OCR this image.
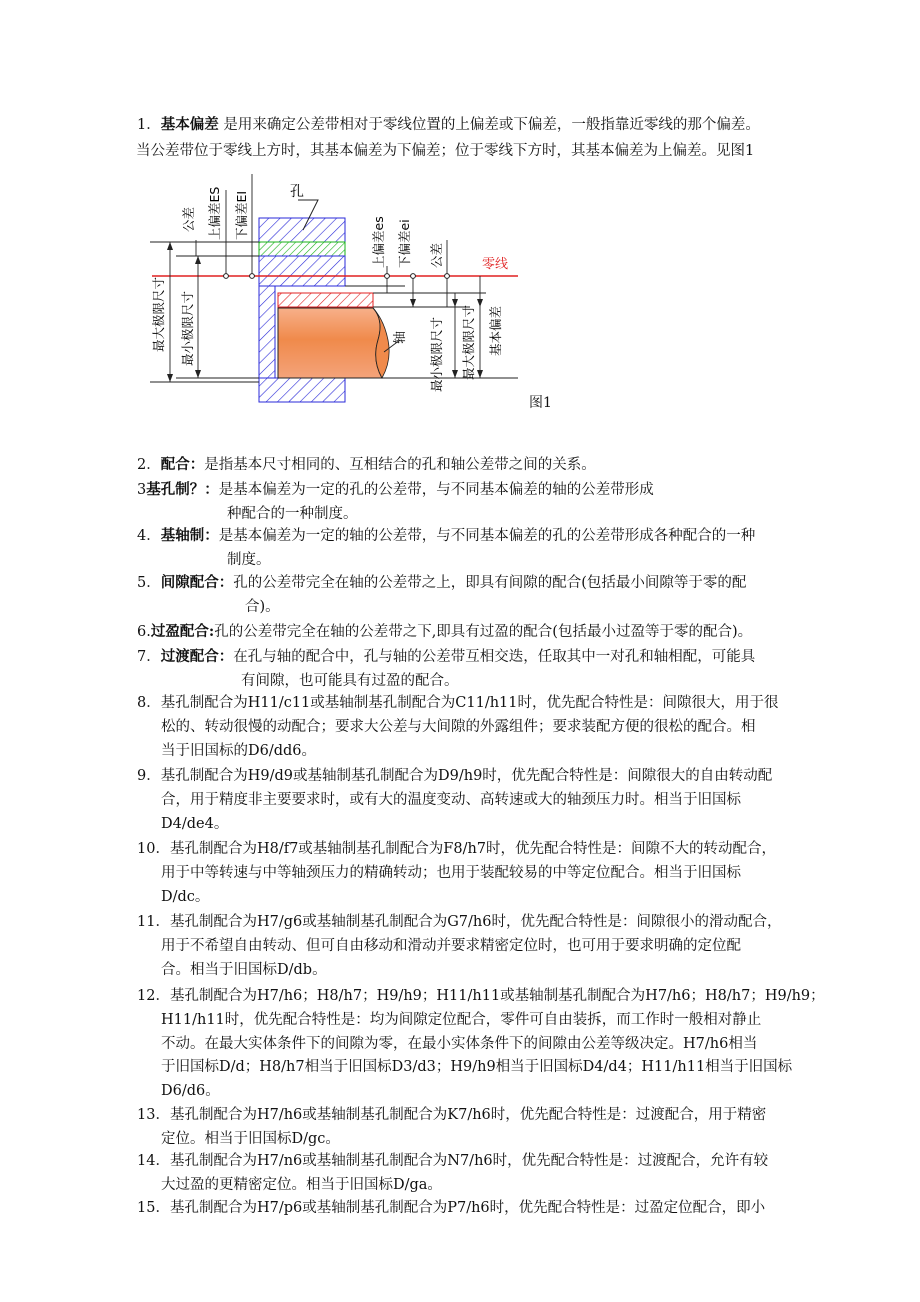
1．基本偏差 是用来确定公差带相对于零线位置的上偏差或下偏差，一般指靠近零线的那个偏差。
当公差带位于零线上方时，其基本偏差为下偏差；位于零线下方时，其基本偏差为上偏差。见图1
零线
孔
轴
最大极限尺寸 最小极限尺寸
公差 上偏差ES 下偏差EI
上偏差es 下偏差ei 公差
最小极限尺寸 最大极限尺寸 基本偏差
图1
2．配合：是指基本尺寸相同的、互相结合的孔和轴公差带之间的关系。
3基孔制？：是基本偏差为一定的孔的公差带，与不同基本偏差的轴的公差带形成
种配合的一种制度。
4．基轴制：是基本偏差为一定的轴的公差带，与不同基本偏差的孔的公差带形成各种配合的一种
制度。
5．间隙配合：孔的公差带完全在轴的公差带之上，即具有间隙的配合(包括最小间隙等于零的配
合)。
6.过盈配合:孔的公差带完全在轴的公差带之下,即具有过盈的配合(包括最小过盈等于零的配合)。
7．过渡配合：在孔与轴的配合中，孔与轴的公差带互相交迭，任取其中一对孔和轴相配，可能具
有间隙，也可能具有过盈的配合。
8．基孔制配合为H11/c11或基轴制基孔制配合为C11/h11时，优先配合特性是：间隙很大，用于很
松的、转动很慢的动配合；要求大公差与大间隙的外露组件；要求装配方便的很松的配合。相
当于旧国标的D6/dd6。
9．基孔制配合为H9/d9或基轴制基孔制配合为D9/h9时，优先配合特性是：间隙很大的自由转动配
合，用于精度非主要要求时，或有大的温度变动、高转速或大的轴颈压力时。相当于旧国标
D4/de4。
10．基孔制配合为H8/f7或基轴制基孔制配合为F8/h7时，优先配合特性是：间隙不大的转动配合，
用于中等转速与中等轴颈压力的精确转动；也用于装配较易的中等定位配合。相当于旧国标
D/dc。
11．基孔制配合为H7/g6或基轴制基孔制配合为G7/h6时，优先配合特性是：间隙很小的滑动配合，
用于不希望自由转动、但可自由移动和滑动并要求精密定位时，也可用于要求明确的定位配
合。相当于旧国标D/db。
12．基孔制配合为H7/h6；H8/h7；H9/h9；H11/h11或基轴制基孔制配合为H7/h6；H8/h7；H9/h9；
H11/h11时，优先配合特性是：均为间隙定位配合，零件可自由装拆，而工作时一般相对静止
不动。在最大实体条件下的间隙为零，在最小实体条件下的间隙由公差等级决定。H7/h6相当
于旧国标D/d；H8/h7相当于旧国标D3/d3；H9/h9相当于旧国标D4/d4；H11/h11相当于旧国标
D6/d6。
13．基孔制配合为H7/h6或基轴制基孔制配合为K7/h6时，优先配合特性是：过渡配合，用于精密
定位。相当于旧国标D/gc。
14．基孔制配合为H7/n6或基轴制基孔制配合为N7/h6时，优先配合特性是：过渡配合，允许有较
大过盈的更精密定位。相当于旧国标D/ga。
15．基孔制配合为H7/p6或基轴制基孔制配合为P7/h6时，优先配合特性是：过盈定位配合，即小
